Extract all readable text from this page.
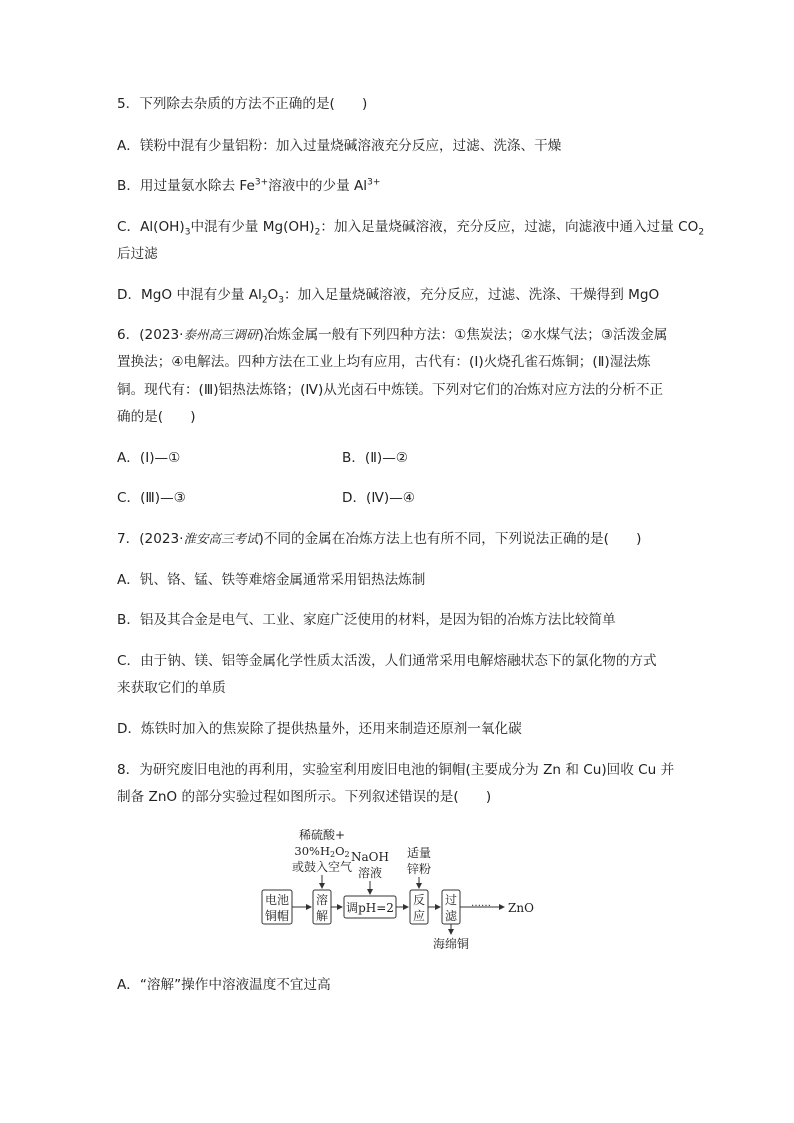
5．下列除去杂质的方法不正确的是(　　)
A．镁粉中混有少量铝粉：加入过量烧碱溶液充分反应，过滤、洗涤、干燥
B．用过量氨水除去 $Fe^{3+}$溶液中的少量 $Al^{3+}$
C．$Al(OH)_3$中混有少量 $Mg(OH)_2$：加入足量烧碱溶液，充分反应，过滤，向滤液中通入过量 $CO_2$
后过滤
D．MgO 中混有少量 $Al_2O_3$：加入足量烧碱溶液，充分反应，过滤、洗涤、干燥得到 MgO
6．(2023·泰州高三调研)冶炼金属一般有下列四种方法：①焦炭法；②水煤气法；③活泼金属
置换法；④电解法。四种方法在工业上均有应用，古代有：(Ⅰ)火烧孔雀石炼铜；(Ⅱ)湿法炼
铜。现代有：(Ⅲ)铝热法炼铬；(Ⅳ)从光卤石中炼镁。下列对它们的冶炼对应方法的分析不正
确的是(　　)
A．(Ⅰ)—①	B．(Ⅱ)—②
C．(Ⅲ)—③	D．(Ⅳ)—④
7．(2023·淮安高三考试)不同的金属在冶炼方法上也有所不同，下列说法正确的是(　　)
A．钒、铬、锰、铁等难熔金属通常采用铝热法炼制
B．铝及其合金是电气、工业、家庭广泛使用的材料，是因为铝的冶炼方法比较简单
C．由于钠、镁、铝等金属化学性质太活泼，人们通常采用电解熔融状态下的氯化物的方式
来获取它们的单质
D．炼铁时加入的焦炭除了提供热量外，还用来制造还原剂一氧化碳
8．为研究废旧电池的再利用，实验室利用废旧电池的铜帽(主要成分为 Zn 和 Cu)回收 Cu 并
制备 ZnO 的部分实验过程如图所示。下列叙述错误的是(　　)
稀硫酸+
30%H2O2
或鼓入空气
NaOH
溶液
适量
锌粉
电池
铜帽
溶
解
调pH=2
反
应
过
滤
…… ZnO
海绵铜
A．“溶解”操作中溶液温度不宜过高
